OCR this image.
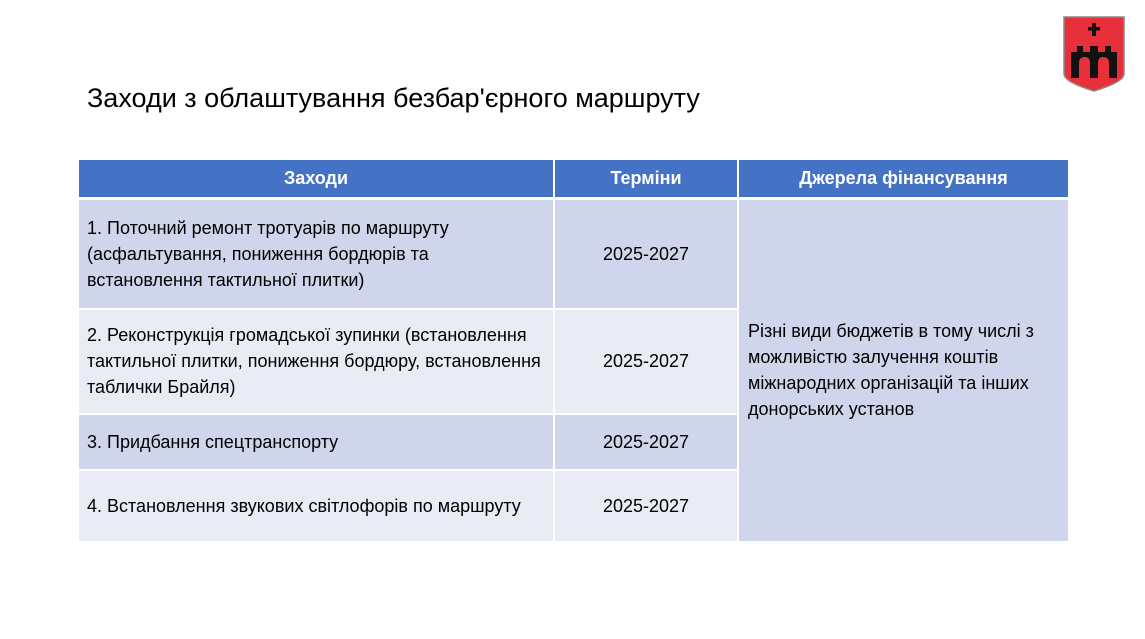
Заходи з облаштування безбар'єрного маршруту
Заходи	Терміни	Джерела фінансування
1. Поточний ремонт тротуарів по маршруту (асфальтування, пониження бордюрів та встановлення тактильної плитки)	2025-2027	Різні види бюджетів в тому числі з можливістю залучення коштів міжнародних організацій та інших донорських установ
2. Реконструкція громадської зупинки (встановлення тактильної плитки, пониження бордюру, встановлення таблички Брайля)	2025-2027	
3. Придбання спецтранспорту	2025-2027	
4. Встановлення звукових світлофорів по маршруту	2025-2027	
